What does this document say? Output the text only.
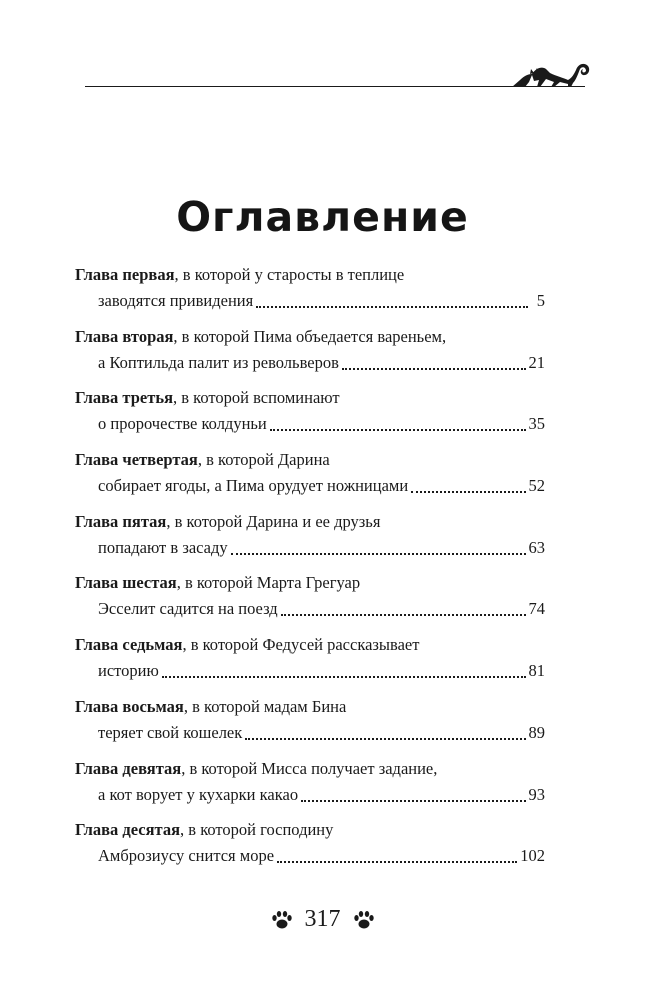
Оглавление
Глава первая, в которой у старосты в теплице
заводятся привидения	5
Глава вторая, в которой Пима объедается вареньем,
а Коптильда палит из револьверов	21
Глава третья, в которой вспоминают
о пророчестве колдуньи	35
Глава четвертая, в которой Дарина
собирает ягоды, а Пима орудует ножницами	52
Глава пятая, в которой Дарина и ее друзья
попадают в засаду	63
Глава шестая, в которой Марта Грегуар
Эсселит садится на поезд	74
Глава седьмая, в которой Федусей рассказывает
историю	81
Глава восьмая, в которой мадам Бина
теряет свой кошелек	89
Глава девятая, в которой Мисса получает задание,
а кот ворует у кухарки какао	93
Глава десятая, в которой господину
Амброзиусу снится море	102
317
